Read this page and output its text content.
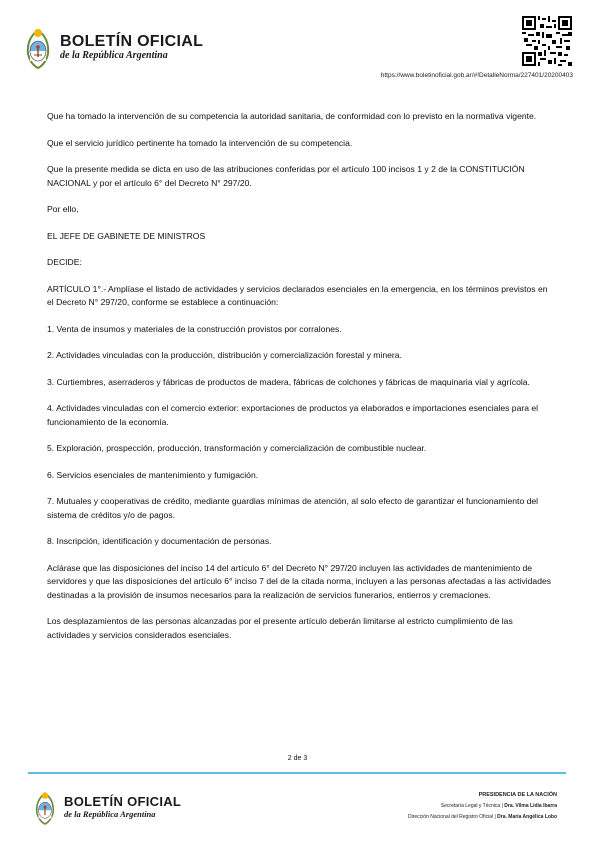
BOLETÍN OFICIAL
de la República Argentina
https://www.boletinoficial.gob.ar/#!DetalleNorma/227401/20200403

Que ha tomado la intervención de su competencia la autoridad sanitaria, de conformidad con lo previsto en la normativa vigente.

Que el servicio jurídico pertinente ha tomado la intervención de su competencia.

Que la presente medida se dicta en uso de las atribuciones conferidas por el artículo 100 incisos 1 y 2 de la CONSTITUCIÓN NACIONAL y por el artículo 6° del Decreto N° 297/20.

Por ello,

EL JEFE DE GABINETE DE MINISTROS

DECIDE:

ARTÍCULO 1°.- Amplíase el listado de actividades y servicios declarados esenciales en la emergencia, en los términos previstos en el Decreto N° 297/20, conforme se establece a continuación:

1. Venta de insumos y materiales de la construcción provistos por corralones.

2. Actividades vinculadas con la producción, distribución y comercialización forestal y minera.

3. Curtiembres, aserraderos y fábricas de productos de madera, fábricas de colchones y fábricas de maquinaria vial y agrícola.

4. Actividades vinculadas con el comercio exterior: exportaciones de productos ya elaborados e importaciones esenciales para el funcionamiento de la economía.

5. Exploración, prospección, producción, transformación y comercialización de combustible nuclear.

6. Servicios esenciales de mantenimiento y fumigación.

7. Mutuales y cooperativas de crédito, mediante guardias mínimas de atención, al solo efecto de garantizar el funcionamiento del sistema de créditos y/o de pagos.

8. Inscripción, identificación y documentación de personas.

Aclárase que las disposiciones del inciso 14 del artículo 6° del Decreto N° 297/20 incluyen las actividades de mantenimiento de servidores y que las disposiciones del artículo 6° inciso 7 del de la citada norma, incluyen a las personas afectadas a las actividades destinadas a la provisión de insumos necesarios para la realización de servicios funerarios, entierros y cremaciones.

Los desplazamientos de las personas alcanzadas por el presente artículo deberán limitarse al estricto cumplimiento de las actividades y servicios considerados esenciales.

2 de 3
BOLETÍN OFICIAL
de la República Argentina
PRESIDENCIA DE LA NACIÓN
Secretaría Legal y Técnica | Dra. Vilma Lidia Ibarra
Dirección Nacional del Registro Oficial | Dra. María Angélica Lobo
